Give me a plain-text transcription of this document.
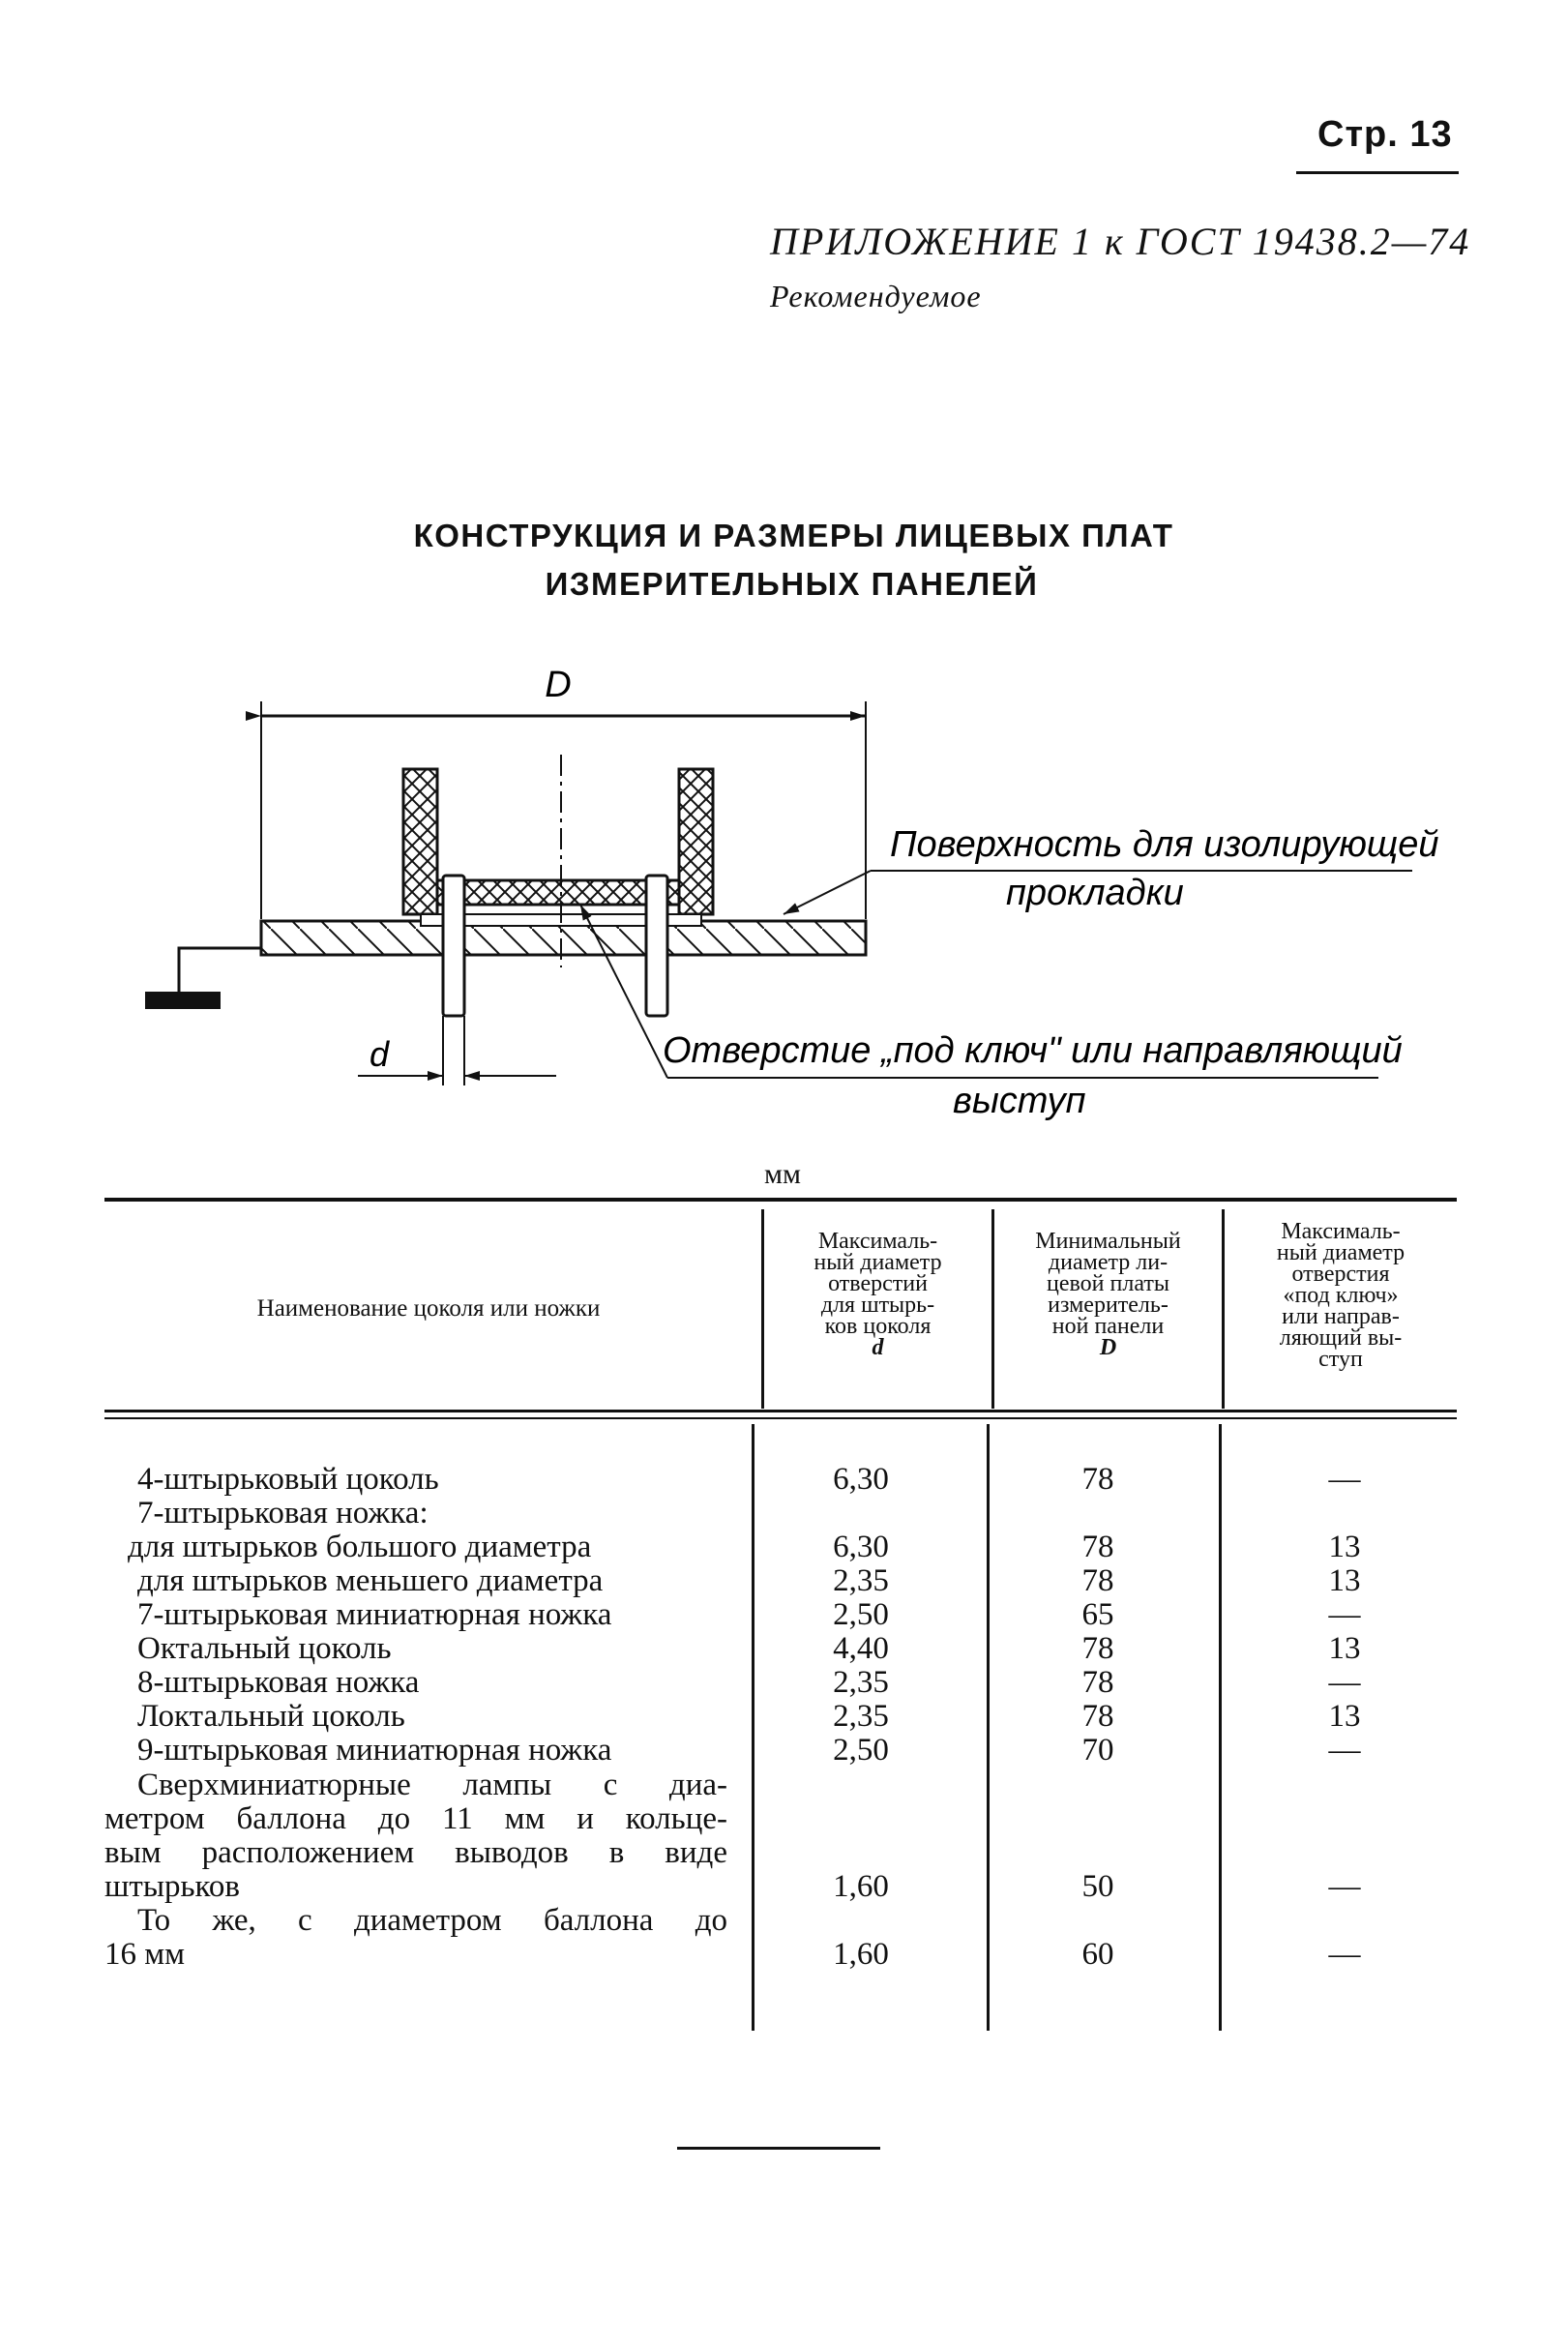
Стр. 13
ПРИЛОЖЕНИЕ 1 к ГОСТ 19438.2—74
Рекомендуемое
КОНСТРУКЦИЯ И РАЗМЕРЫ ЛИЦЕВЫХ ПЛАТ
ИЗМЕРИТЕЛЬНЫХ ПАНЕЛЕЙ
D
d
Поверхность для изолирующей
прокладки
Отверстие „под ключ" или направляющий
выступ
мм
Наименование цоколя или ножки
Максималь-
ный диаметр
отверстий
для штырь-
ков цоколя
d
Минимальный
диаметр ли-
цевой платы
измеритель-
ной панели
D
Максималь-
ный диаметр
отверстия
«под ключ»
или направ-
ляющий вы-
ступ
4-штырьковый цоколь	6,30	78	—
7-штырьковая ножка:
для штырьков большого диаметра	6,30	78	13
для штырьков меньшего диаметра	2,35	78	13
7-штырьковая миниатюрная ножка	2,50	65	—
Октальный цоколь	4,40	78	13
8-штырьковая ножка	2,35	78	—
Локтальный цоколь	2,35	78	13
9-штырьковая миниатюрная ножка	2,50	70	—
Сверхминиатюрные лампы с диа-
метром баллона до 11 мм и кольце-
вым расположением выводов в виде
штырьков	1,60	50	—
То же, с диаметром баллона до
16 мм	1,60	60	—
